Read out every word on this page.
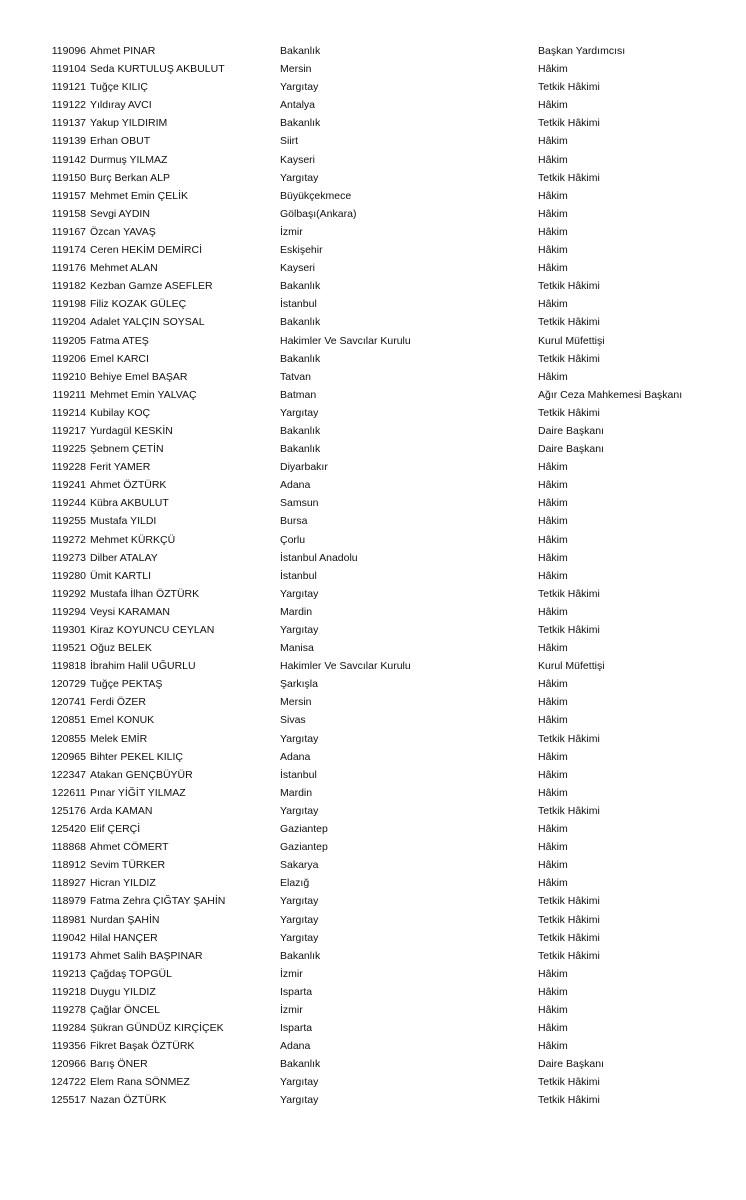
119096 Ahmet PINAR	Bakanlık	Başkan Yardımcısı
119104 Seda KURTULUŞ AKBULUT	Mersin	Hâkim
119121 Tuğçe KILIÇ	Yargıtay	Tetkik Hâkimi
119122 Yıldıray AVCI	Antalya	Hâkim
119137 Yakup YILDIRIM	Bakanlık	Tetkik Hâkimi
119139 Erhan OBUT	Siirt	Hâkim
119142 Durmuş YILMAZ	Kayseri	Hâkim
119150 Burç Berkan ALP	Yargıtay	Tetkik Hâkimi
119157 Mehmet Emin ÇELİK	Büyükçekmece	Hâkim
119158 Sevgi AYDIN	Gölbaşı(Ankara)	Hâkim
119167 Özcan YAVAŞ	İzmir	Hâkim
119174 Ceren HEKİM DEMİRCİ	Eskişehir	Hâkim
119176 Mehmet ALAN	Kayseri	Hâkim
119182 Kezban Gamze ASEFLER	Bakanlık	Tetkik Hâkimi
119198 Filiz KOZAK GÜLEÇ	İstanbul	Hâkim
119204 Adalet YALÇIN SOYSAL	Bakanlık	Tetkik Hâkimi
119205 Fatma ATEŞ	Hakimler Ve Savcılar Kurulu	Kurul Müfettişi
119206 Emel KARCI	Bakanlık	Tetkik Hâkimi
119210 Behiye Emel BAŞAR	Tatvan	Hâkim
119211 Mehmet Emin YALVAÇ	Batman	Ağır Ceza Mahkemesi Başkanı
119214 Kubilay KOÇ	Yargıtay	Tetkik Hâkimi
119217 Yurdagül KESKİN	Bakanlık	Daire Başkanı
119225 Şebnem ÇETİN	Bakanlık	Daire Başkanı
119228 Ferit YAMER	Diyarbakır	Hâkim
119241 Ahmet ÖZTÜRK	Adana	Hâkim
119244 Kübra AKBULUT	Samsun	Hâkim
119255 Mustafa YILDI	Bursa	Hâkim
119272 Mehmet KÜRKÇÜ	Çorlu	Hâkim
119273 Dilber ATALAY	İstanbul Anadolu	Hâkim
119280 Ümit KARTLI	İstanbul	Hâkim
119292 Mustafa İlhan ÖZTÜRK	Yargıtay	Tetkik Hâkimi
119294 Veysi KARAMAN	Mardin	Hâkim
119301 Kiraz KOYUNCU CEYLAN	Yargıtay	Tetkik Hâkimi
119521 Oğuz BELEK	Manisa	Hâkim
119818 İbrahim Halil UĞURLU	Hakimler Ve Savcılar Kurulu	Kurul Müfettişi
120729 Tuğçe PEKTAŞ	Şarkışla	Hâkim
120741 Ferdi ÖZER	Mersin	Hâkim
120851 Emel KONUK	Sivas	Hâkim
120855 Melek EMİR	Yargıtay	Tetkik Hâkimi
120965 Bihter PEKEL KILIÇ	Adana	Hâkim
122347 Atakan GENÇBÜYÜR	İstanbul	Hâkim
122611 Pınar YİĞİT YILMAZ	Mardin	Hâkim
125176 Arda KAMAN	Yargıtay	Tetkik Hâkimi
125420 Elif ÇERÇİ	Gaziantep	Hâkim
118868 Ahmet CÖMERT	Gaziantep	Hâkim
118912 Sevim TÜRKER	Sakarya	Hâkim
118927 Hicran YILDIZ	Elazığ	Hâkim
118979 Fatma Zehra ÇIĞTAY ŞAHİN	Yargıtay	Tetkik Hâkimi
118981 Nurdan ŞAHİN	Yargıtay	Tetkik Hâkimi
119042 Hilal HANÇER	Yargıtay	Tetkik Hâkimi
119173 Ahmet Salih BAŞPINAR	Bakanlık	Tetkik Hâkimi
119213 Çağdaş TOPGÜL	İzmir	Hâkim
119218 Duygu YILDIZ	Isparta	Hâkim
119278 Çağlar ÖNCEL	İzmir	Hâkim
119284 Şükran GÜNDÜZ KIRÇİÇEK	Isparta	Hâkim
119356 Fikret Başak ÖZTÜRK	Adana	Hâkim
120966 Barış ÖNER	Bakanlık	Daire Başkanı
124722 Elem Rana SÖNMEZ	Yargıtay	Tetkik Hâkimi
125517 Nazan ÖZTÜRK	Yargıtay	Tetkik Hâkimi
